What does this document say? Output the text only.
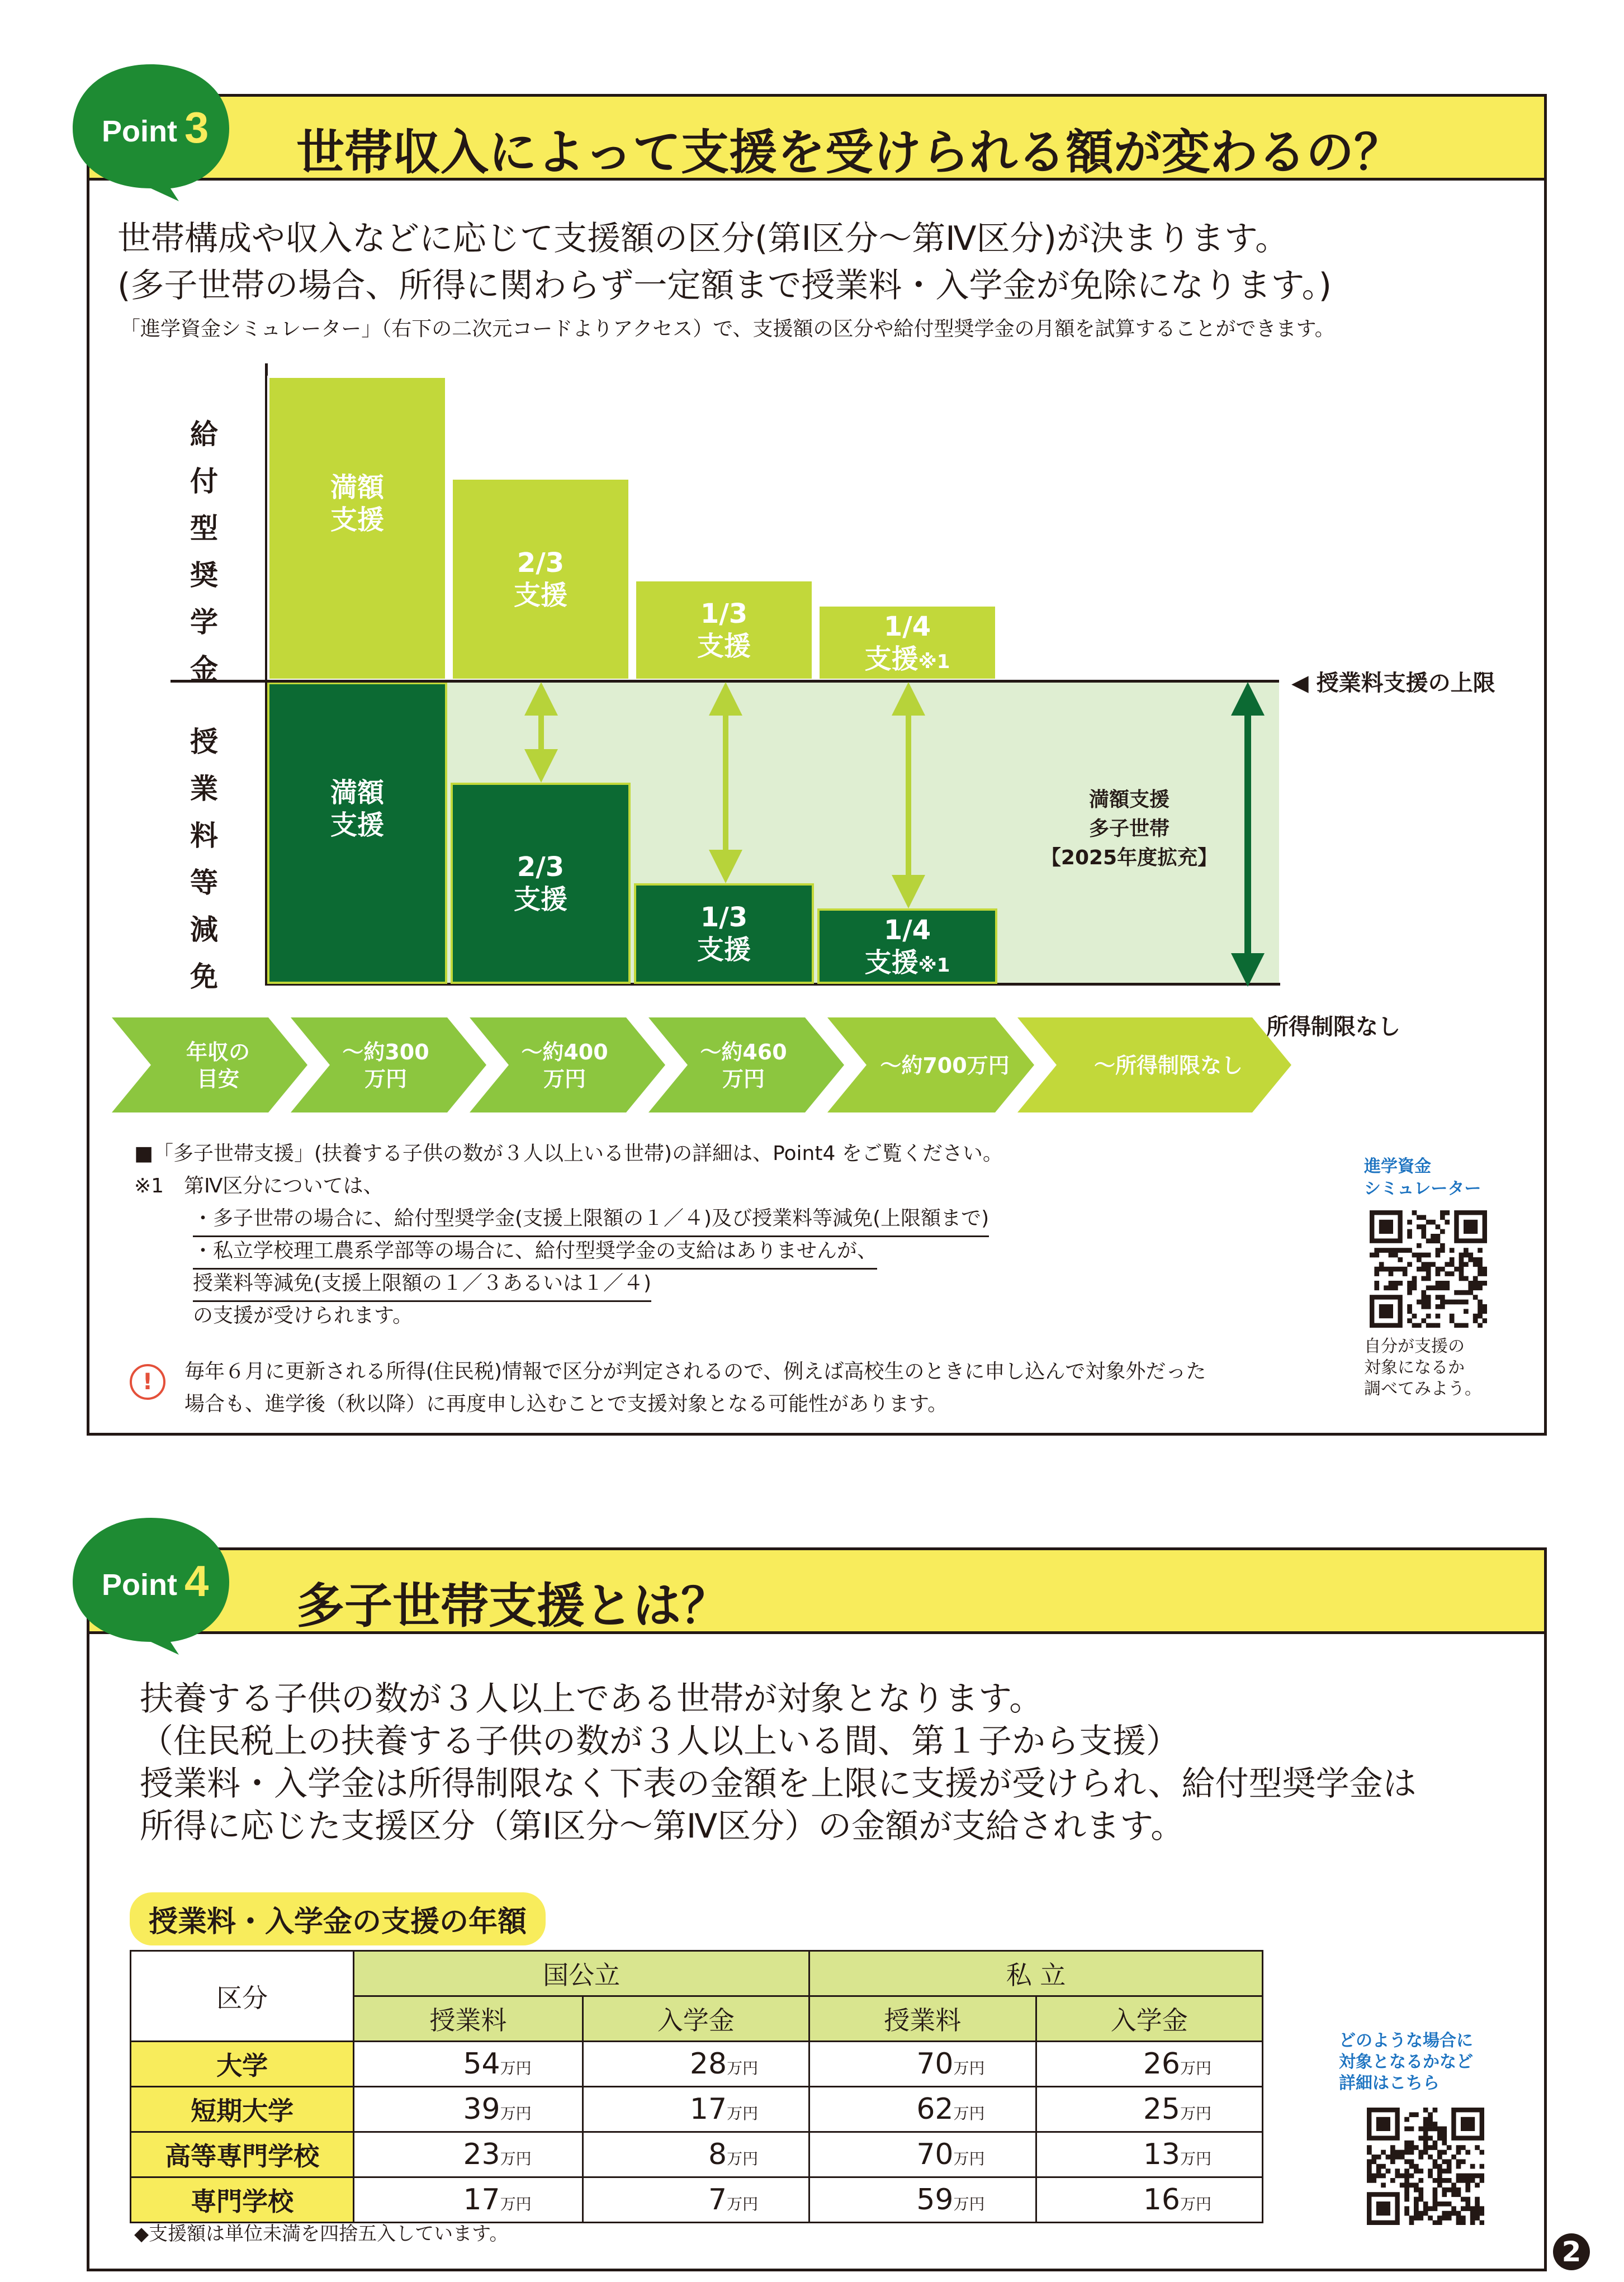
世帯収入によって支援を受けられる額が変わるの？
Point 3
世帯構成や収入などに応じて支援額の区分(第Ⅰ区分～第Ⅳ区分)が決まります。
(多子世帯の場合、所得に関わらず一定額まで授業料・入学金が免除になります。)
「進学資金シミュレーター」（右下の二次元コードよりアクセス）で、支援額の区分や給付型奨学金の月額を試算することができます。
満額
支援
2/3
支援
1/3
支援
1/4
支援※1
満額
支援
2/3
支援
1/3
支援
1/4
支援※1
◀ 授業料支援の上限
給
付
型
奨
学
金
授
業
料
等
減
免
満額支援
多子世帯
【2025年度拡充】
所得制限なし
年収の
目安
～約300
万円
～約400
万円
～約460
万円
～約700万円	～所得制限なし
■「多子世帯支援」(扶養する子供の数が３人以上いる世帯)の詳細は、Point4 をご覧ください。
※1　第Ⅳ区分については、
・多子世帯の場合に、給付型奨学金(支援上限額の１／４)及び授業料等減免(上限額まで)
・私立学校理工農系学部等の場合に、給付型奨学金の支給はありませんが、
授業料等減免(支援上限額の１／３あるいは１／４)
の支援が受けられます。
!	毎年６月に更新される所得(住民税)情報で区分が判定されるので、例えば高校生のときに申し込んで対象外だった
場合も、進学後（秋以降）に再度申し込むことで支援対象となる可能性があります。
進学資金
シミュレーター
自分が支援の
対象になるか
調べてみよう。
多子世帯支援とは？
Point 4
扶養する子供の数が３人以上である世帯が対象となります。
（住民税上の扶養する子供の数が３人以上いる間、第１子から支援）
授業料・入学金は所得制限なく下表の金額を上限に支援が受けられ、給付型奨学金は
所得に応じた支援区分（第Ⅰ区分～第Ⅳ区分）の金額が支給されます。
授業料・入学金の支援の年額
区分	国公立		私 立	
	授業料	入学金	授業料	入学金
大学	54万円	28万円	70万円	26万円
短期大学	39万円	17万円	62万円	25万円
高等専門学校	23万円	8万円	70万円	13万円
専門学校	17万円	7万円	59万円	16万円
◆支援額は単位未満を四捨五入しています。
どのような場合に
対象となるかなど
詳細はこちら
2
